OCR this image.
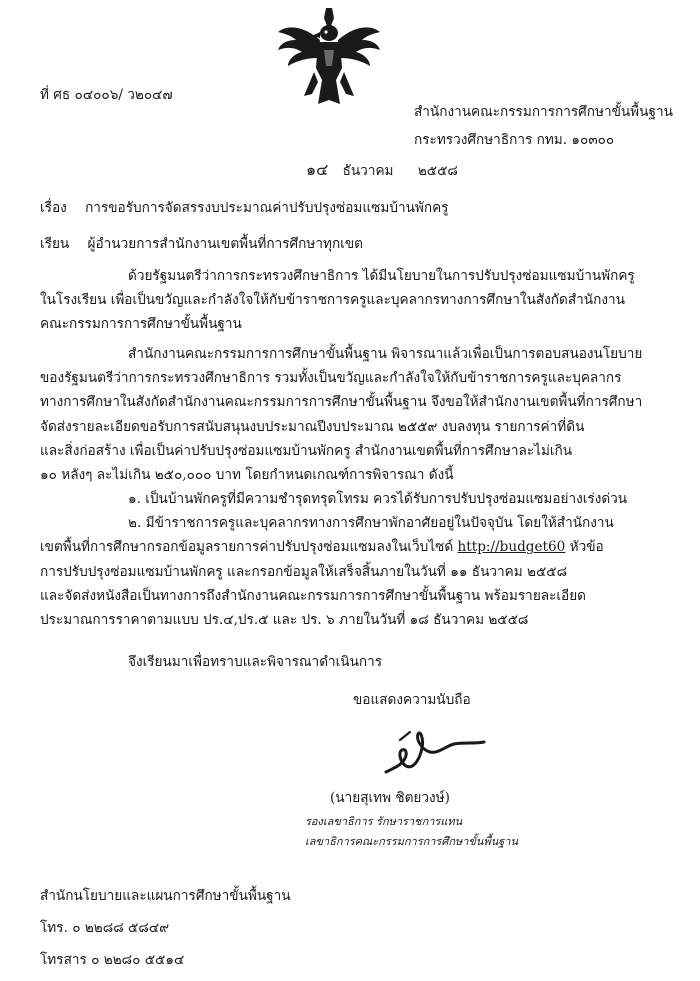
ที่ ศธ ๐๔๐๐๖/ ว๒๐๔๗
สำนักงานคณะกรรมการการศึกษาขั้นพื้นฐาน
กระทรวงศึกษาธิการ กทม. ๑๐๓๐๐
๑๔ ธันวาคม ๒๕๕๘
เรื่อง การขอรับการจัดสรรงบประมาณค่าปรับปรุงซ่อมแซมบ้านพักครู
เรียน ผู้อำนวยการสำนักงานเขตพื้นที่การศึกษาทุกเขต
ด้วยรัฐมนตรีว่าการกระทรวงศึกษาธิการ ได้มีนโยบายในการปรับปรุงซ่อมแซมบ้านพักครู
ในโรงเรียน เพื่อเป็นขวัญและกำลังใจให้กับข้าราชการครูและบุคลากรทางการศึกษาในสังกัดสำนักงาน
คณะกรรมการการศึกษาขั้นพื้นฐาน
สำนักงานคณะกรรมการการศึกษาขั้นพื้นฐาน พิจารณาแล้วเพื่อเป็นการตอบสนองนโยบาย
ของรัฐมนตรีว่าการกระทรวงศึกษาธิการ รวมทั้งเป็นขวัญและกำลังใจให้กับข้าราชการครูและบุคลากร
ทางการศึกษาในสังกัดสำนักงานคณะกรรมการการศึกษาขั้นพื้นฐาน จึงขอให้สำนักงานเขตพื้นที่การศึกษา
จัดส่งรายละเอียดขอรับการสนับสนุนงบประมาณปีงบประมาณ ๒๕๕๙ งบลงทุน รายการค่าที่ดิน
และสิ่งก่อสร้าง เพื่อเป็นค่าปรับปรุงซ่อมแซมบ้านพักครู สำนักงานเขตพื้นที่การศึกษาละไม่เกิน
๑๐ หลังๆ ละไม่เกิน ๒๕๐,๐๐๐ บาท โดยกำหนดเกณฑ์การพิจารณา ดังนี้
๑. เป็นบ้านพักครูที่มีความชำรุดทรุดโทรม ควรได้รับการปรับปรุงซ่อมแซมอย่างเร่งด่วน
๒. มีข้าราชการครูและบุคลากรทางการศึกษาพักอาศัยอยู่ในปัจจุบัน โดยให้สำนักงาน
เขตพื้นที่การศึกษากรอกข้อมูลรายการค่าปรับปรุงซ่อมแซมลงในเว็บไซด์ http://budget60 หัวข้อ
การปรับปรุงซ่อมแซมบ้านพักครู และกรอกข้อมูลให้เสร็จสิ้นภายในวันที่ ๑๑ ธันวาคม ๒๕๕๘
และจัดส่งหนังสือเป็นทางการถึงสำนักงานคณะกรรมการการศึกษาขั้นพื้นฐาน พร้อมรายละเอียด
ประมาณการราคาตามแบบ ปร.๔,ปร.๕ และ ปร. ๖ ภายในวันที่ ๑๘ ธันวาคม ๒๕๕๘
จึงเรียนมาเพื่อทราบและพิจารณาดำเนินการ
ขอแสดงความนับถือ
(นายสุเทพ ชิตยวงษ์)
รองเลขาธิการ รักษาราชการแทน
เลขาธิการคณะกรรมการการศึกษาขั้นพื้นฐาน
สำนักนโยบายและแผนการศึกษาขั้นพื้นฐาน
โทร. ๐ ๒๒๘๘ ๕๘๔๙
โทรสาร ๐ ๒๒๘๐ ๕๕๑๔
